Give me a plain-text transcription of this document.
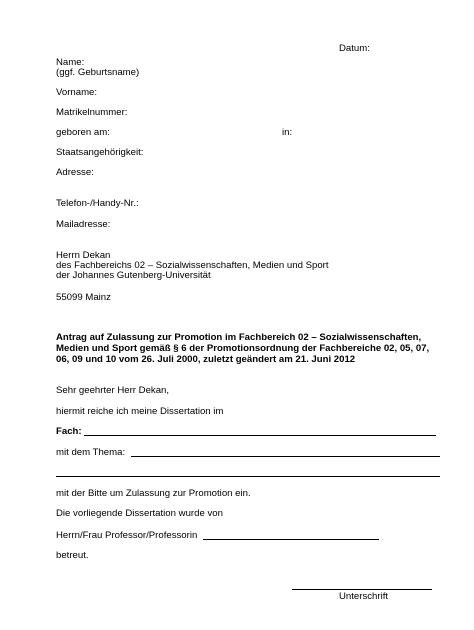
Datum:
Name:
(ggf. Geburtsname)
Vorname:
Matrikelnummer:
geboren am:	in:
Staatsangehörigkeit:
Adresse:
Telefon-/Handy-Nr.:
Mailadresse:
Herrn Dekan
des Fachbereichs 02 – Sozialwissenschaften, Medien und Sport
der Johannes Gutenberg-Universität
55099 Mainz
Antrag auf Zulassung zur Promotion im Fachbereich 02 – Sozialwissenschaften,
Medien und Sport gemäß § 6 der Promotionsordnung der Fachbereiche 02, 05, 07,
06, 09 und 10 vom 26. Juli 2000, zuletzt geändert am 21. Juni 2012
Sehr geehrter Herr Dekan,
hiermit reiche ich meine Dissertation im
Fach:
mit dem Thema:
mit der Bitte um Zulassung zur Promotion ein.
Die vorliegende Dissertation wurde von
Herrn/Frau Professor/Professorin
betreut.
Unterschrift
